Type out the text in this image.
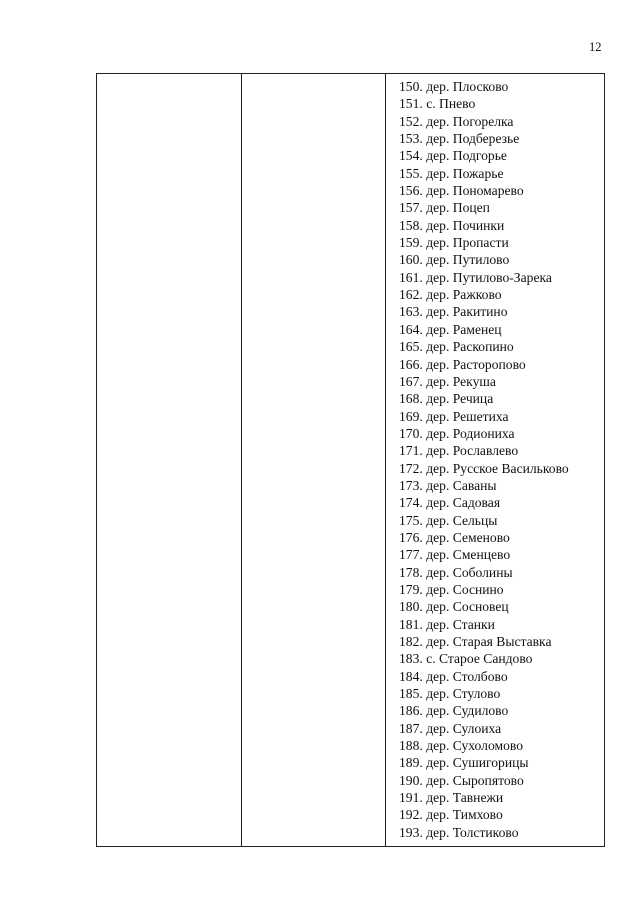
12
150. дер. Плосково
151. с. Пнево
152. дер. Погорелка
153. дер. Подберезье
154. дер. Подгорье
155. дер. Пожарье
156. дер. Пономарево
157. дер. Поцеп
158. дер. Починки
159. дер. Пропасти
160. дер. Путилово
161. дер. Путилово-Зарека
162. дер. Ражково
163. дер. Ракитино
164. дер. Раменец
165. дер. Раскопино
166. дер. Расторопово
167. дер. Рекуша
168. дер. Речица
169. дер. Решетиха
170. дер. Родиониха
171. дер. Рославлево
172. дер. Русское Васильково
173. дер. Саваны
174. дер. Садовая
175. дер. Сельцы
176. дер. Семеново
177. дер. Сменцево
178. дер. Соболины
179. дер. Соснино
180. дер. Сосновец
181. дер. Станки
182. дер. Старая Выставка
183. с. Старое Сандово
184. дер. Столбово
185. дер. Стулово
186. дер. Судилово
187. дер. Сулоиха
188. дер. Сухоломово
189. дер. Сушигорицы
190. дер. Сыропятово
191. дер. Тавнежи
192. дер. Тимхово
193. дер. Толстиково
